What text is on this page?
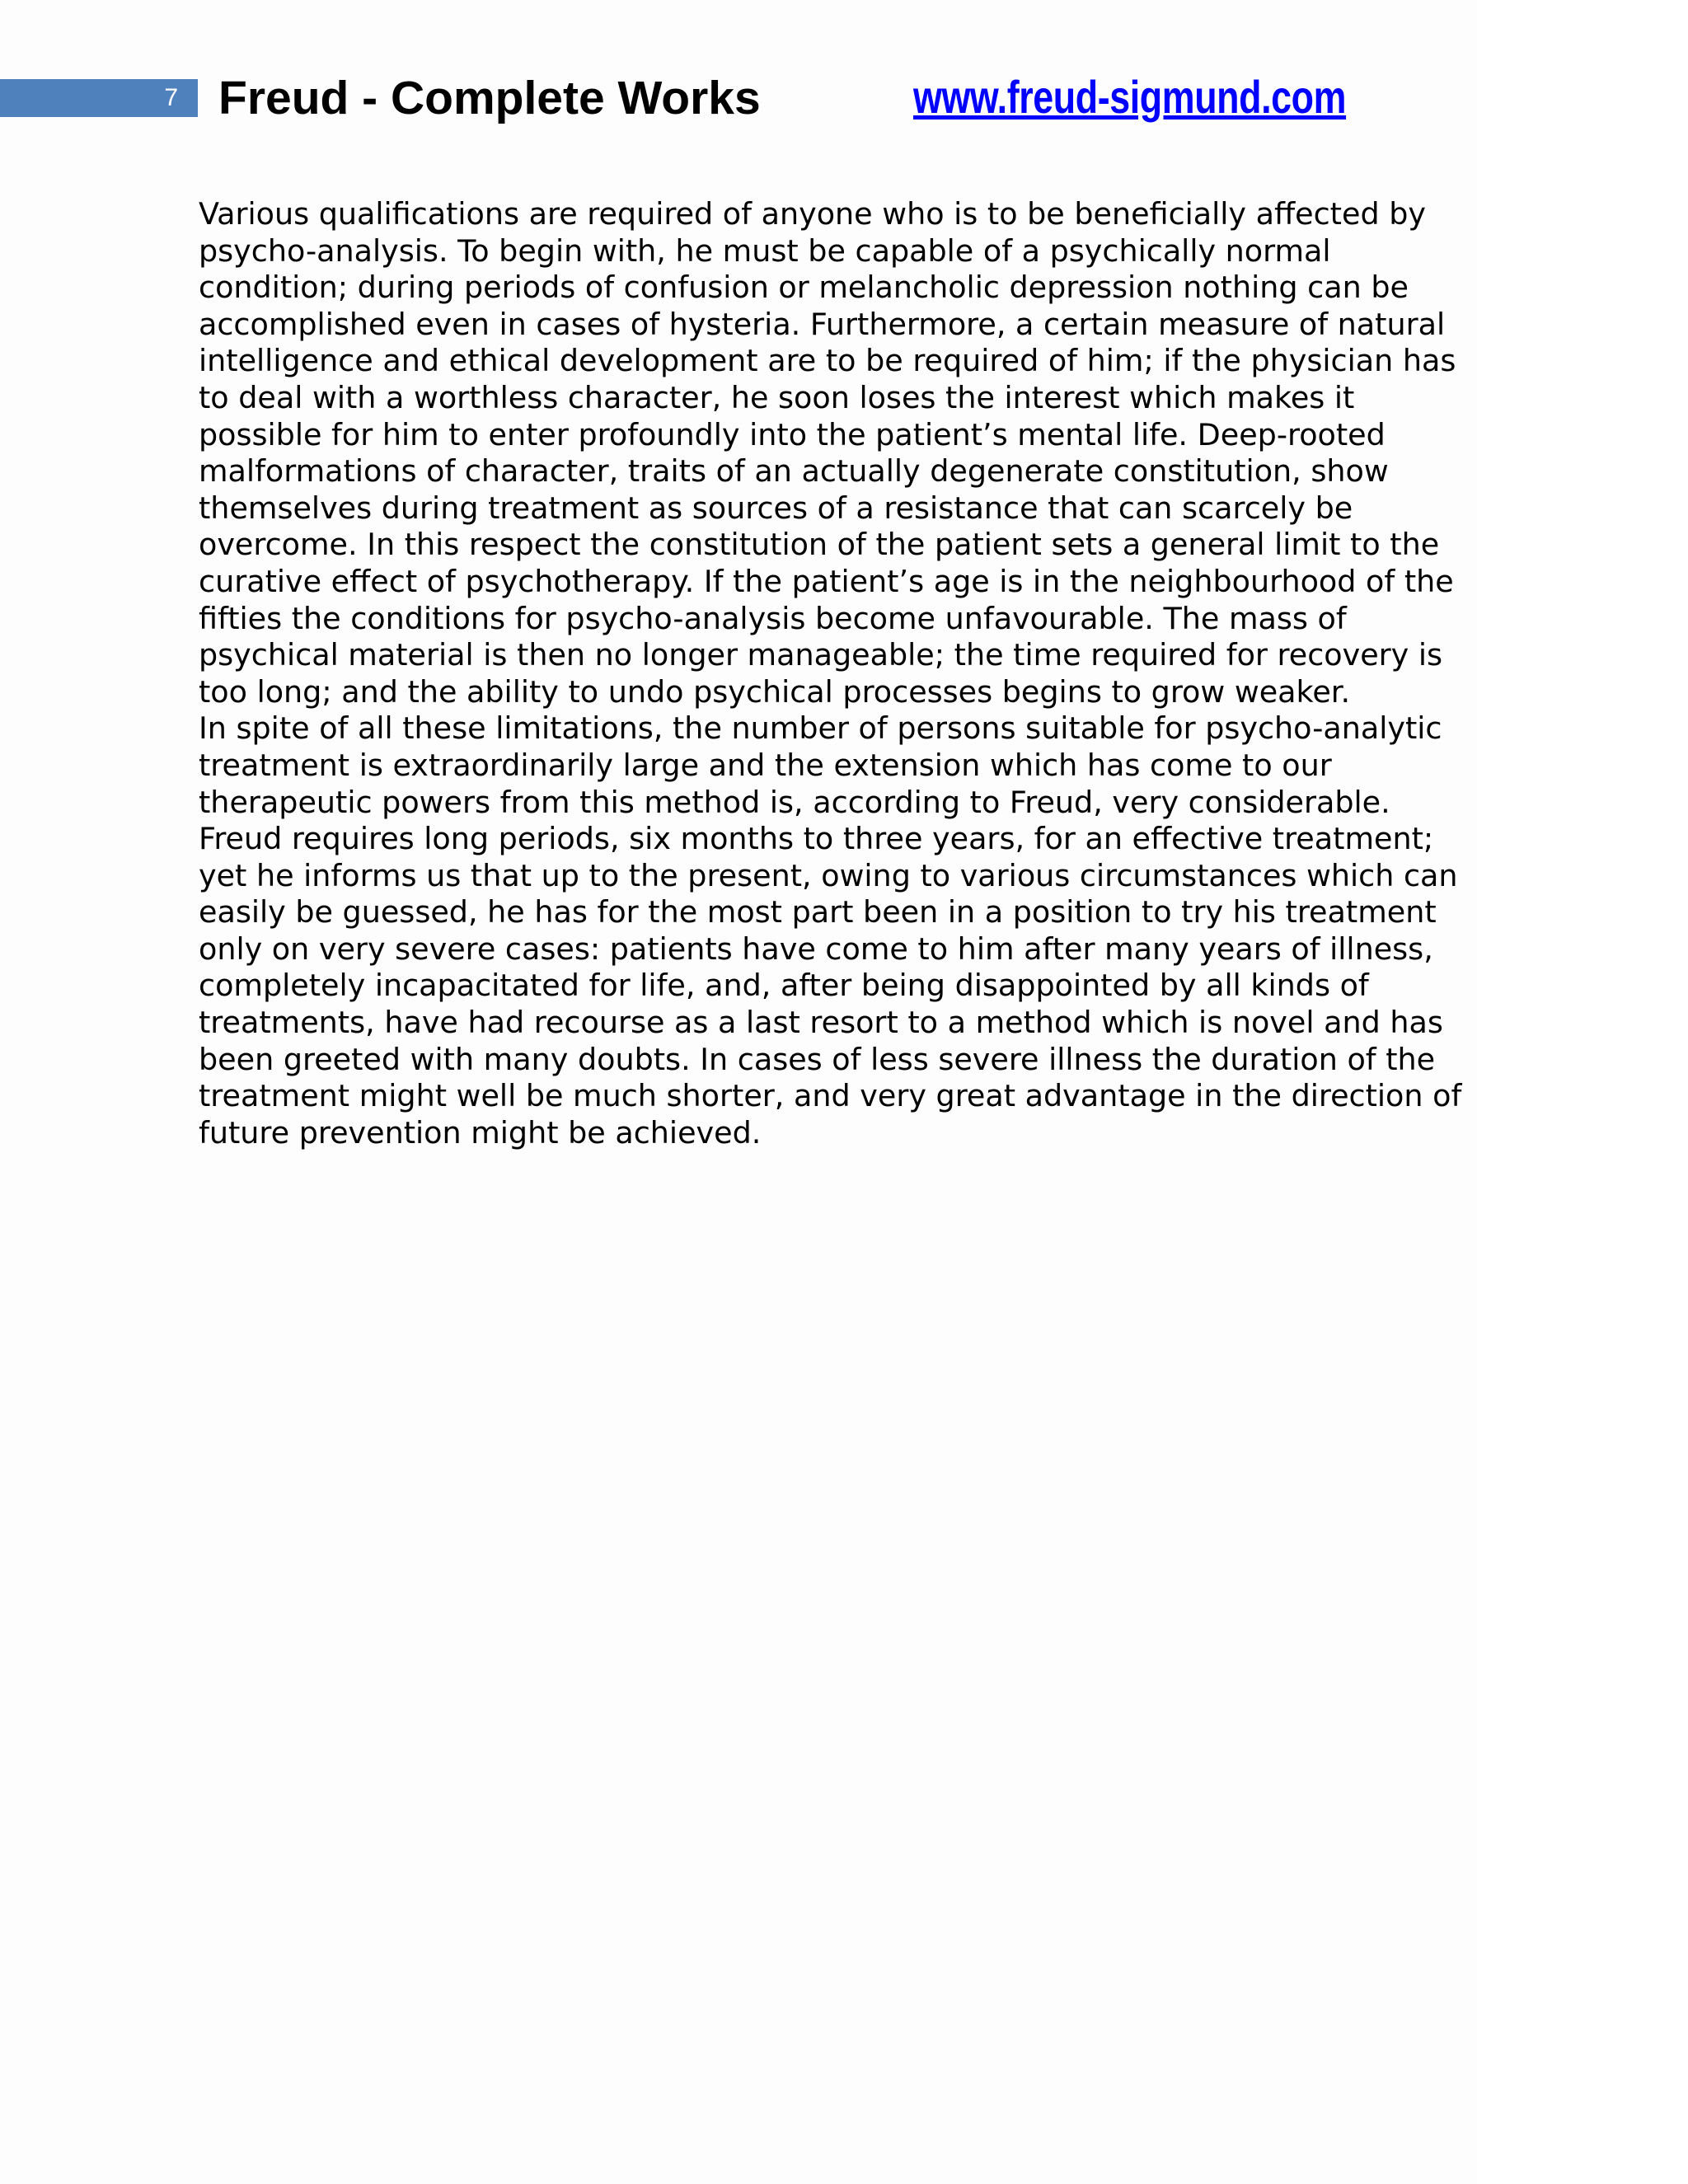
7 Freud - Complete Works	www.freud-sigmund.com
Various qualifications are required of anyone who is to be beneficially affected by
psycho-analysis. To begin with, he must be capable of a psychically normal
condition; during periods of confusion or melancholic depression nothing can be
accomplished even in cases of hysteria. Furthermore, a certain measure of natural
intelligence and ethical development are to be required of him; if the physician has
to deal with a worthless character, he soon loses the interest which makes it
possible for him to enter profoundly into the patient’s mental life. Deep-rooted
malformations of character, traits of an actually degenerate constitution, show
themselves during treatment as sources of a resistance that can scarcely be
overcome. In this respect the constitution of the patient sets a general limit to the
curative effect of psychotherapy. If the patient’s age is in the neighbourhood of the
fifties the conditions for psycho-analysis become unfavourable. The mass of
psychical material is then no longer manageable; the time required for recovery is
too long; and the ability to undo psychical processes begins to grow weaker.
In spite of all these limitations, the number of persons suitable for psycho-analytic
treatment is extraordinarily large and the extension which has come to our
therapeutic powers from this method is, according to Freud, very considerable.
Freud requires long periods, six months to three years, for an effective treatment;
yet he informs us that up to the present, owing to various circumstances which can
easily be guessed, he has for the most part been in a position to try his treatment
only on very severe cases: patients have come to him after many years of illness,
completely incapacitated for life, and, after being disappointed by all kinds of
treatments, have had recourse as a last resort to a method which is novel and has
been greeted with many doubts. In cases of less severe illness the duration of the
treatment might well be much shorter, and very great advantage in the direction of
future prevention might be achieved.
